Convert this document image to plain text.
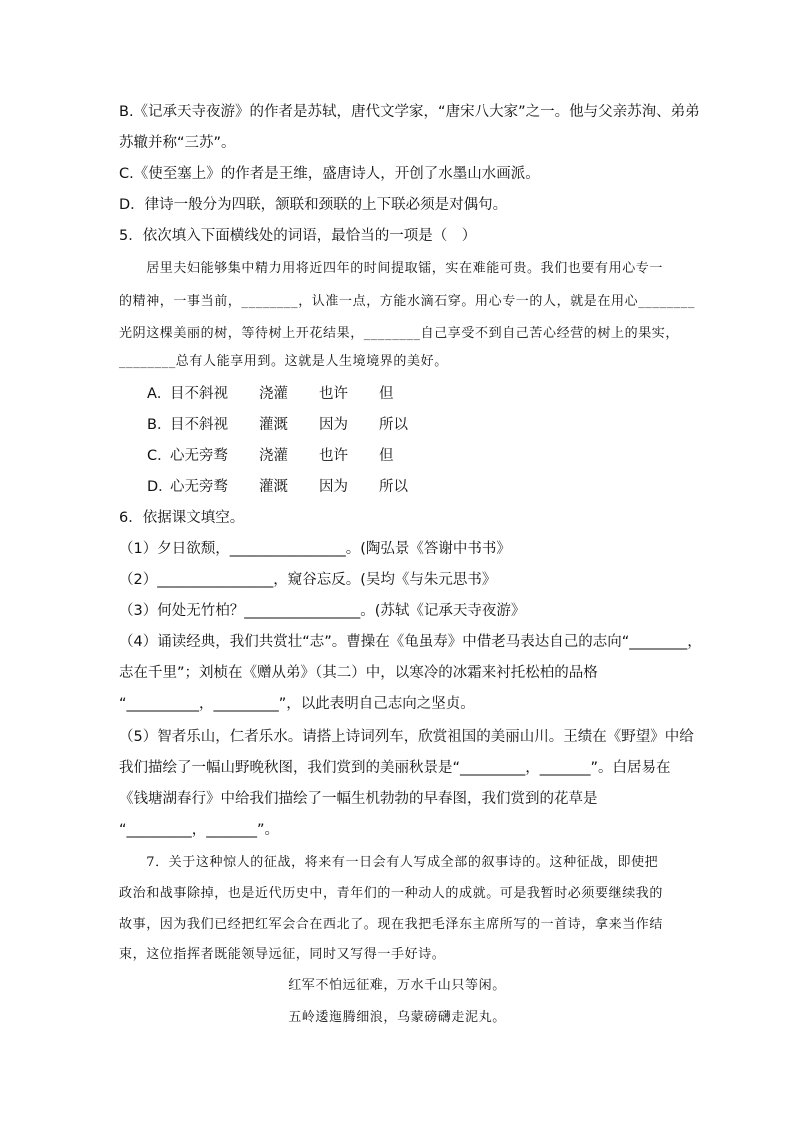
B.《记承天寺夜游》的作者是苏轼，唐代文学家，“唐宋八大家”之一。他与父亲苏洵、弟弟
苏辙并称“三苏”。
C.《使至塞上》的作者是王维，盛唐诗人，开创了水墨山水画派。
D．律诗一般分为四联，颔联和颈联的上下联必须是对偶句。
5．依次填入下面横线处的词语，最恰当的一项是（　）
　　居里夫妇能够集中精力用将近四年的时间提取镭，实在难能可贵。我们也要有用心专一
的精神，一事当前，________，认准一点，方能水滴石穿。用心专一的人，就是在用心________
光阴这棵美丽的树，等待树上开花结果，________自己享受不到自己苦心经营的树上的果实，
________总有人能享用到。这就是人生境境界的美好。
A．
目不斜视 浇灌 也许 但
B．
目不斜视 灌溉 因为 所以
C．
心无旁骛 浇灌 也许 但
D．
心无旁骛 灌溉 因为 所以
6．依据课文填空。
（1）夕日欲颓，________________。(陶弘景《答谢中书书》
（2）________________，窥谷忘反。(吴均《与朱元思书》
（3）何处无竹柏？________________。(苏轼《记承天寺夜游》
（4）诵读经典，我们共赏壮“志”。曹操在《龟虽寿》中借老马表达自己的志向“________，
志在千里”；刘桢在《赠从弟》（其二）中，以寒冷的冰霜来衬托松柏的品格
“__________，_________”，以此表明自己志向之坚贞。
（5）智者乐山，仁者乐水。请搭上诗词列车，欣赏祖国的美丽山川。王绩在《野望》中给
我们描绘了一幅山野晚秋图，我们赏到的美丽秋景是“_________，_______”。白居易在
《钱塘湖春行》中给我们描绘了一幅生机勃勃的早春图，我们赏到的花草是
“_________，_______”。
　　7．关于这种惊人的征战，将来有一日会有人写成全部的叙事诗的。这种征战，即使把
政治和战事除掉，也是近代历史中，青年们的一种动人的成就。可是我暂时必须要继续我的
故事，因为我们已经把红军会合在西北了。现在我把毛泽东主席所写的一首诗，拿来当作结
束，这位指挥者既能领导远征，同时又写得一手好诗。
红军不怕远征难，万水千山只等闲。
五岭逶迤腾细浪，乌蒙磅礴走泥丸。
